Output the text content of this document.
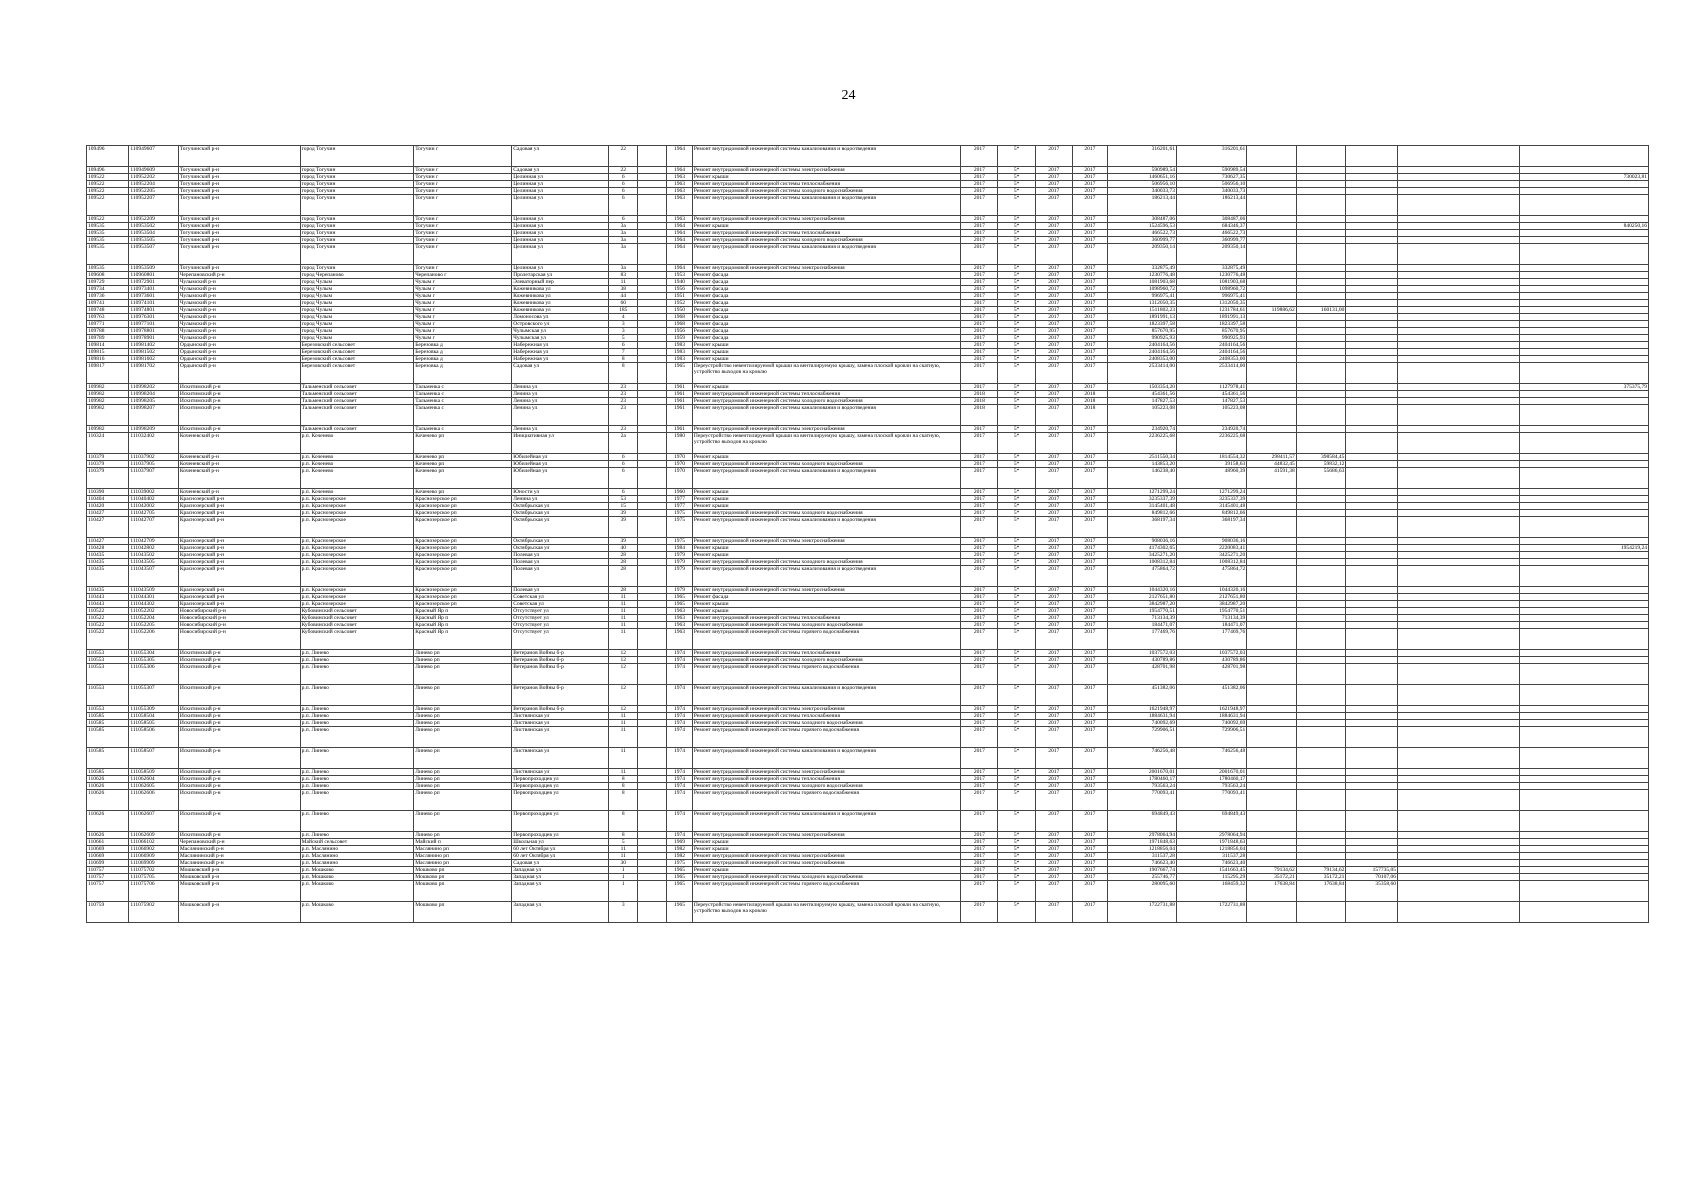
24
109496	110949607	Тогучинский р-н	город Тогучин	Тогучин г	Садовая ул	22		1964	Ремонт внутридомовой инженерной системы канализования и водоотведения	2017	5*	2017	2017	316201,61	316201,61					
109496	110949609	Тогучинский р-н	город Тогучин	Тогучин г	Садовая ул	22		1964	Ремонт внутридомовой инженерной системы электроснабжения	2017	5*	2017	2017	590989,54	590989,54					
109522	110952202	Тогучинский р-н	город Тогучин	Тогучин г	Целинная ул	6		1963	Ремонт крыши	2017	5*	2017	2017	1460651,16	730627,35					730023,81
109522	110952204	Тогучинский р-н	город Тогучин	Тогучин г	Целинная ул	6		1963	Ремонт внутридомовой инженерной системы теплоснабжения	2017	5*	2017	2017	506956,10	506956,10					
109522	110952205	Тогучинский р-н	город Тогучин	Тогучин г	Целинная ул	6		1963	Ремонт внутридомовой инженерной системы холодного водоснабжения	2017	5*	2017	2017	340033,73	340033,73					
109522	110952207	Тогучинский р-н	город Тогучин	Тогучин г	Целинная ул	6		1963	Ремонт внутридомовой инженерной системы канализования и водоотведения	2017	5*	2017	2017	186213,44	186213,44					
109522	110952209	Тогучинский р-н	город Тогучин	Тогучин г	Целинная ул	6		1963	Ремонт внутридомовой инженерной системы электроснабжения	2017	5*	2017	2017	308487,06	308487,06					
109535	110953502	Тогучинский р-н	город Тогучин	Тогучин г	Целинная ул	3а		1964	Ремонт крыши	2017	5*	2017	2017	1524596,53	684346,37					840250,16
109535	110953504	Тогучинский р-н	город Тогучин	Тогучин г	Целинная ул	3а		1964	Ремонт внутридомовой инженерной системы теплоснабжения	2017	5*	2017	2017	466522,73	466522,73					
109535	110953505	Тогучинский р-н	город Тогучин	Тогучин г	Целинная ул	3а		1964	Ремонт внутридомовой инженерной системы холодного водоснабжения	2017	5*	2017	2017	360999,77	360999,77					
109535	110953507	Тогучинский р-н	город Тогучин	Тогучин г	Целинная ул	3а		1964	Ремонт внутридомовой инженерной системы канализования и водоотведения	2017	5*	2017	2017	209350,14	209350,14					
109535	110953509	Тогучинский р-н	город Тогучин	Тогучин г	Целинная ул	3а		1964	Ремонт внутридомовой инженерной системы электроснабжения	2017	5*	2017	2017	332875,49	332875,49					
109608	110960801	Черепановский р-н	город Черепаново	Черепаново г	Пролетарская ул	83		1953	Ремонт фасада	2017	5*	2017	2017	1230776,48	1230776,48					
109729	110972901	Чулымский р-н	город Чулым	Чулым г	Элеваторный пер	11		1940	Ремонт фасада	2017	5*	2017	2017	1081903,68	1081903,68					
109734	110973401	Чулымский р-н	город Чулым	Чулым г	Кожевникова ул	38		1956	Ремонт фасада	2017	5*	2017	2017	1098960,72	1098960,72					
109736	110973601	Чулымский р-н	город Чулым	Чулым г	Кожевникова ул	44		1951	Ремонт фасада	2017	5*	2017	2017	996975,41	996975,41					
109741	110974101	Чулымский р-н	город Чулым	Чулым г	Кожевникова ул	60		1952	Ремонт фасада	2017	5*	2017	2017	1312050,35	1312050,35					
109748	110974801	Чулымский р-н	город Чулым	Чулым г	Кожевникова ул	185		1950	Ремонт фасада	2017	5*	2017	2017	1511802,23	1231784,61	119886,62	160131,00			
109763	110976301	Чулымский р-н	город Чулым	Чулым г	Ломоносова ул	4		1968	Ремонт фасада	2017	5*	2017	2017	1891991,13	1891991,13					
109771	110977101	Чулымский р-н	город Чулым	Чулым г	Островского ул	3		1968	Ремонт фасада	2017	5*	2017	2017	1823397,58	1823397,58					
109788	110978801	Чулымский р-н	город Чулым	Чулым г	Чулымская ул	3		1956	Ремонт фасада	2017	5*	2017	2017	857670,95	857670,95					
109789	110978901	Чулымский р-н	город Чулым	Чулым г	Чулымская ул	5		1959	Ремонт фасада	2017	5*	2017	2017	990925,93	990925,93					
109814	110981402	Ордынский р-н	Березовский сельсовет	Березовка д	Набережная ул	6		1983	Ремонт крыши	2017	5*	2017	2017	2404164,56	2404164,56					
109815	110981502	Ордынский р-н	Березовский сельсовет	Березовка д	Набережная ул	7		1983	Ремонт крыши	2017	5*	2017	2017	2404164,56	2404164,56					
109816	110981602	Ордынский р-н	Березовский сельсовет	Березовка д	Набережная ул	8		1983	Ремонт крыши	2017	5*	2017	2017	2408353,00	2408353,00					
109817	110981702	Ордынский р-н	Березовский сельсовет	Березовка д	Садовая ул	8		1965	Переустройство невентилируемой крыши на вентилируемую крышу, замена плоской кровли на скатную, устройство выходов на кровлю	2017	5*	2017	2017	2533414,00	2533414,00					
109982	110998202	Искитимский р-н	Тальменский сельсовет	Тальменка с	Ленина ул	23		1961	Ремонт крыши	2017	5*	2017	2017	1503354,20	1127978,41					375375,79
109982	110998204	Искитимский р-н	Тальменский сельсовет	Тальменка с	Ленина ул	23		1961	Ремонт внутридомовой инженерной системы теплоснабжения	2018	5*	2017	2018	454361,56	454361,56					
109982	110998205	Искитимский р-н	Тальменский сельсовет	Тальменка с	Ленина ул	23		1961	Ремонт внутридомовой инженерной системы холодного водоснабжения	2018	5*	2017	2018	147827,53	147827,53					
109982	110998207	Искитимский р-н	Тальменский сельсовет	Тальменка с	Ленина ул	23		1961	Ремонт внутридомовой инженерной системы канализования и водоотведения	2018	5*	2017	2018	105223,08	105223,08					
109982	110998209	Искитимский р-н	Тальменский сельсовет	Тальменка с	Ленина ул	23		1961	Ремонт внутридомовой инженерной системы электроснабжения	2017	5*	2017	2017	234920,74	234920,74					
110324	111032402	Коченевский р-н	р.п. Коченево	Коченево рп	Инициативная ул	2а		1980	Переустройство невентилируемой крыши на вентилируемую крышу, замена плоской кровли на скатную, устройство выходов на кровлю	2017	5*	2017	2017	2236225,68	2236225,68					
110379	111037902	Коченевский р-н	р.п. Коченево	Коченево рп	Юбилейная ул	6		1970	Ремонт крыши	2017	5*	2017	2017	2511550,34	1814554,32	298411,57	398584,45			
110379	111037905	Коченевский р-н	р.п. Коченево	Коченево рп	Юбилейная ул	6		1970	Ремонт внутридомовой инженерной системы холодного водоснабжения	2017	5*	2017	2017	143853,20	39158,63	44832,45	59832,12			
110379	111037907	Коченевский р-н	р.п. Коченево	Коченево рп	Юбилейная ул	6		1970	Ремонт внутридомовой инженерной системы канализования и водоотведения	2017	5*	2017	2017	146238,40	48960,39	41591,38	55686,63			
110390	111039002	Коченевский р-н	р.п. Коченево	Коченево рп	Юности ул	6		1960	Ремонт крыши	2017	5*	2017	2017	1271299,24	1271299,24					
110404	111040402	Краснозерский р-н	р.п. Краснозерское	Краснозерское рп	Ленина ул	53		1977	Ремонт крыши	2017	5*	2017	2017	3235337,39	3235337,39					
110420	111042002	Краснозерский р-н	р.п. Краснозерское	Краснозерское рп	Октябрьская ул	15		1977	Ремонт крыши	2017	5*	2017	2017	3145401,48	3145401,48					
110427	111042705	Краснозерский р-н	р.п. Краснозерское	Краснозерское рп	Октябрьская ул	39		1975	Ремонт внутридомовой инженерной системы холодного водоснабжения	2017	5*	2017	2017	849812,66	849812,66					
110427	111042707	Краснозерский р-н	р.п. Краснозерское	Краснозерское рп	Октябрьская ул	39		1975	Ремонт внутридомовой инженерной системы канализования и водоотведения	2017	5*	2017	2017	368197,34	368197,34					
110427	111042709	Краснозерский р-н	р.п. Краснозерское	Краснозерское рп	Октябрьская ул	39		1975	Ремонт внутридомовой инженерной системы электроснабжения	2017	5*	2017	2017	908036,16	908036,16					
110428	111042802	Краснозерский р-н	р.п. Краснозерское	Краснозерское рп	Октябрьская ул	40		1984	Ремонт крыши	2017	5*	2017	2017	4174302,65	2220083,41					1954219,24
110435	111043502	Краснозерский р-н	р.п. Краснозерское	Краснозерское рп	Полевая ул	28		1979	Ремонт крыши	2017	5*	2017	2017	3425271,20	3425271,20					
110435	111043505	Краснозерский р-н	р.п. Краснозерское	Краснозерское рп	Полевая ул	28		1979	Ремонт внутридомовой инженерной системы холодного водоснабжения	2017	5*	2017	2017	1008312,84	1008312,84					
110435	111043507	Краснозерский р-н	р.п. Краснозерское	Краснозерское рп	Полевая ул	28		1979	Ремонт внутридомовой инженерной системы канализования и водоотведения	2017	5*	2017	2017	475864,72	475864,72					
110435	111043509	Краснозерский р-н	р.п. Краснозерское	Краснозерское рп	Полевая ул	28		1979	Ремонт внутридомовой инженерной системы электроснабжения	2017	5*	2017	2017	1044320,16	1044320,16					
110443	111044301	Краснозерский р-н	р.п. Краснозерское	Краснозерское рп	Советская ул	11		1965	Ремонт фасада	2017	5*	2017	2017	2127651,80	2127651,80					
110443	111044302	Краснозерский р-н	р.п. Краснозерское	Краснозерское рп	Советская ул	11		1965	Ремонт крыши	2017	5*	2017	2017	3842987,20	3842987,20					
110522	111052202	Новосибирский р-н	Кубовинский сельсовет	Красный Яр п	Отсутствует ул	11		1963	Ремонт крыши	2017	5*	2017	2017	1954770,51	1954770,51					
110522	111052204	Новосибирский р-н	Кубовинский сельсовет	Красный Яр п	Отсутствует ул	11		1963	Ремонт внутридомовой инженерной системы теплоснабжения	2017	5*	2017	2017	713134,39	713134,39					
110522	111052205	Новосибирский р-н	Кубовинский сельсовет	Красный Яр п	Отсутствует ул	11		1963	Ремонт внутридомовой инженерной системы холодного водоснабжения	2017	5*	2017	2017	184471,07	184471,07					
110522	111052206	Новосибирский р-н	Кубовинский сельсовет	Красный Яр п	Отсутствует ул	11		1963	Ремонт внутридомовой инженерной системы горячего водоснабжения	2017	5*	2017	2017	177469,76	177469,76					
110553	111055304	Искитимский р-н	р.п. Линево	Линево рп	Ветеранов Войны б-р	12		1974	Ремонт внутридомовой инженерной системы теплоснабжения	2017	5*	2017	2017	1037572,03	1037572,03					
110553	111055305	Искитимский р-н	р.п. Линево	Линево рп	Ветеранов Войны б-р	12		1974	Ремонт внутридомовой инженерной системы холодного водоснабжения	2017	5*	2017	2017	430789,86	430789,86					
110553	111055306	Искитимский р-н	р.п. Линево	Линево рп	Ветеранов Войны б-р	12		1974	Ремонт внутридомовой инженерной системы горячего водоснабжения	2017	5*	2017	2017	428701,98	428701,98					
110553	111055307	Искитимский р-н	р.п. Линево	Линево рп	Ветеранов Войны б-р	12		1974	Ремонт внутридомовой инженерной системы канализования и водоотведения	2017	5*	2017	2017	451382,06	451382,06					
110553	111055309	Искитимский р-н	р.п. Линево	Линево рп	Ветеранов Войны б-р	12		1974	Ремонт внутридомовой инженерной системы электроснабжения	2017	5*	2017	2017	1621948,97	1621948,97					
110585	111058504	Искитимский р-н	р.п. Линево	Линево рп	Листвянская ул	11		1974	Ремонт внутридомовой инженерной системы теплоснабжения	2017	5*	2017	2017	1884631,94	1884631,94					
110585	111058505	Искитимский р-н	р.п. Линево	Линево рп	Листвянская ул	11		1974	Ремонт внутридомовой инженерной системы холодного водоснабжения	2017	5*	2017	2017	740092,69	740092,69					
110585	111058506	Искитимский р-н	р.п. Линево	Линево рп	Листвянская ул	11		1974	Ремонт внутридомовой инженерной системы горячего водоснабжения	2017	5*	2017	2017	729906,51	729906,51					
110585	111058507	Искитимский р-н	р.п. Линево	Линево рп	Листвянская ул	11		1974	Ремонт внутридомовой инженерной системы канализования и водоотведения	2017	5*	2017	2017	746256,48	746256,48					
110585	111058509	Искитимский р-н	р.п. Линево	Линево рп	Листвянская ул	11		1974	Ремонт внутридомовой инженерной системы электроснабжения	2017	5*	2017	2017	2001670,01	2001670,01					
110626	111062604	Искитимский р-н	р.п. Линево	Линево рп	Первопроходцев ул	8		1974	Ремонт внутридомовой инженерной системы теплоснабжения	2017	5*	2017	2017	1780460,17	1780460,17					
110626	111062605	Искитимский р-н	р.п. Линево	Линево рп	Первопроходцев ул	8		1974	Ремонт внутридомовой инженерной системы холодного водоснабжения	2017	5*	2017	2017	793563,24	793563,24					
110626	111062606	Искитимский р-н	р.п. Линево	Линево рп	Первопроходцев ул	8		1974	Ремонт внутридомовой инженерной системы горячего водоснабжения	2017	5*	2017	2017	770093,41	770093,41					
110626	111062607	Искитимский р-н	р.п. Линево	Линево рп	Первопроходцев ул	8		1974	Ремонт внутридомовой инженерной системы канализования и водоотведения	2017	5*	2017	2017	694849,43	694849,43					
110626	111062609	Искитимский р-н	р.п. Линево	Линево рп	Первопроходцев ул	8		1974	Ремонт внутридомовой инженерной системы электроснабжения	2017	5*	2017	2017	2978064,94	2978064,94					
110661	111066102	Черепановский р-н	Майский сельсовет	Майский п	Школьная ул	5		1969	Ремонт крыши	2017	5*	2017	2017	1971848,63	1971848,63					
110669	111066902	Маслянинский р-н	р.п. Маслянино	Маслянино рп	60 лет Октября ул	11		1982	Ремонт крыши	2017	5*	2017	2017	1218856,04	1218856,04					
110669	111066909	Маслянинский р-н	р.п. Маслянино	Маслянино рп	60 лет Октября ул	11		1982	Ремонт внутридомовой инженерной системы электроснабжения	2017	5*	2017	2017	311537,28	311537,28					
110699	111069909	Маслянинский р-н	р.п. Маслянино	Маслянино рп	Садовая ул	30		1975	Ремонт внутридомовой инженерной системы электроснабжения	2017	5*	2017	2017	746623,40	746623,40					
110757	111075702	Мошковский р-н	р.п. Мошково	Мошково рп	Западная ул	1		1965	Ремонт крыши	2017	5*	2017	2017	1907667,74	1541663,45	79134,62	79134,62	157735,05		
110757	111075705	Мошковский р-н	р.п. Мошково	Мошково рп	Западная ул	1		1965	Ремонт внутридомовой инженерной системы холодного водоснабжения	2017	5*	2017	2017	255746,77	115295,29	35172,21	35172,21	70107,06		
110757	111075706	Мошковский р-н	р.п. Мошково	Мошково рп	Западная ул	1		1965	Ремонт внутридомовой инженерной системы горячего водоснабжения	2017	5*	2017	2017	280095,60	168459,32	17638,84	17638,84	35358,60		
110759	111075902	Мошковский р-н	р.п. Мошково	Мошково рп	Западная ул	3		1965	Переустройство невентилируемой крыши на вентилируемую крышу, замена плоской кровли на скатную, устройство выходов на кровлю	2017	5*	2017	2017	1722731,88	1722731,88					
